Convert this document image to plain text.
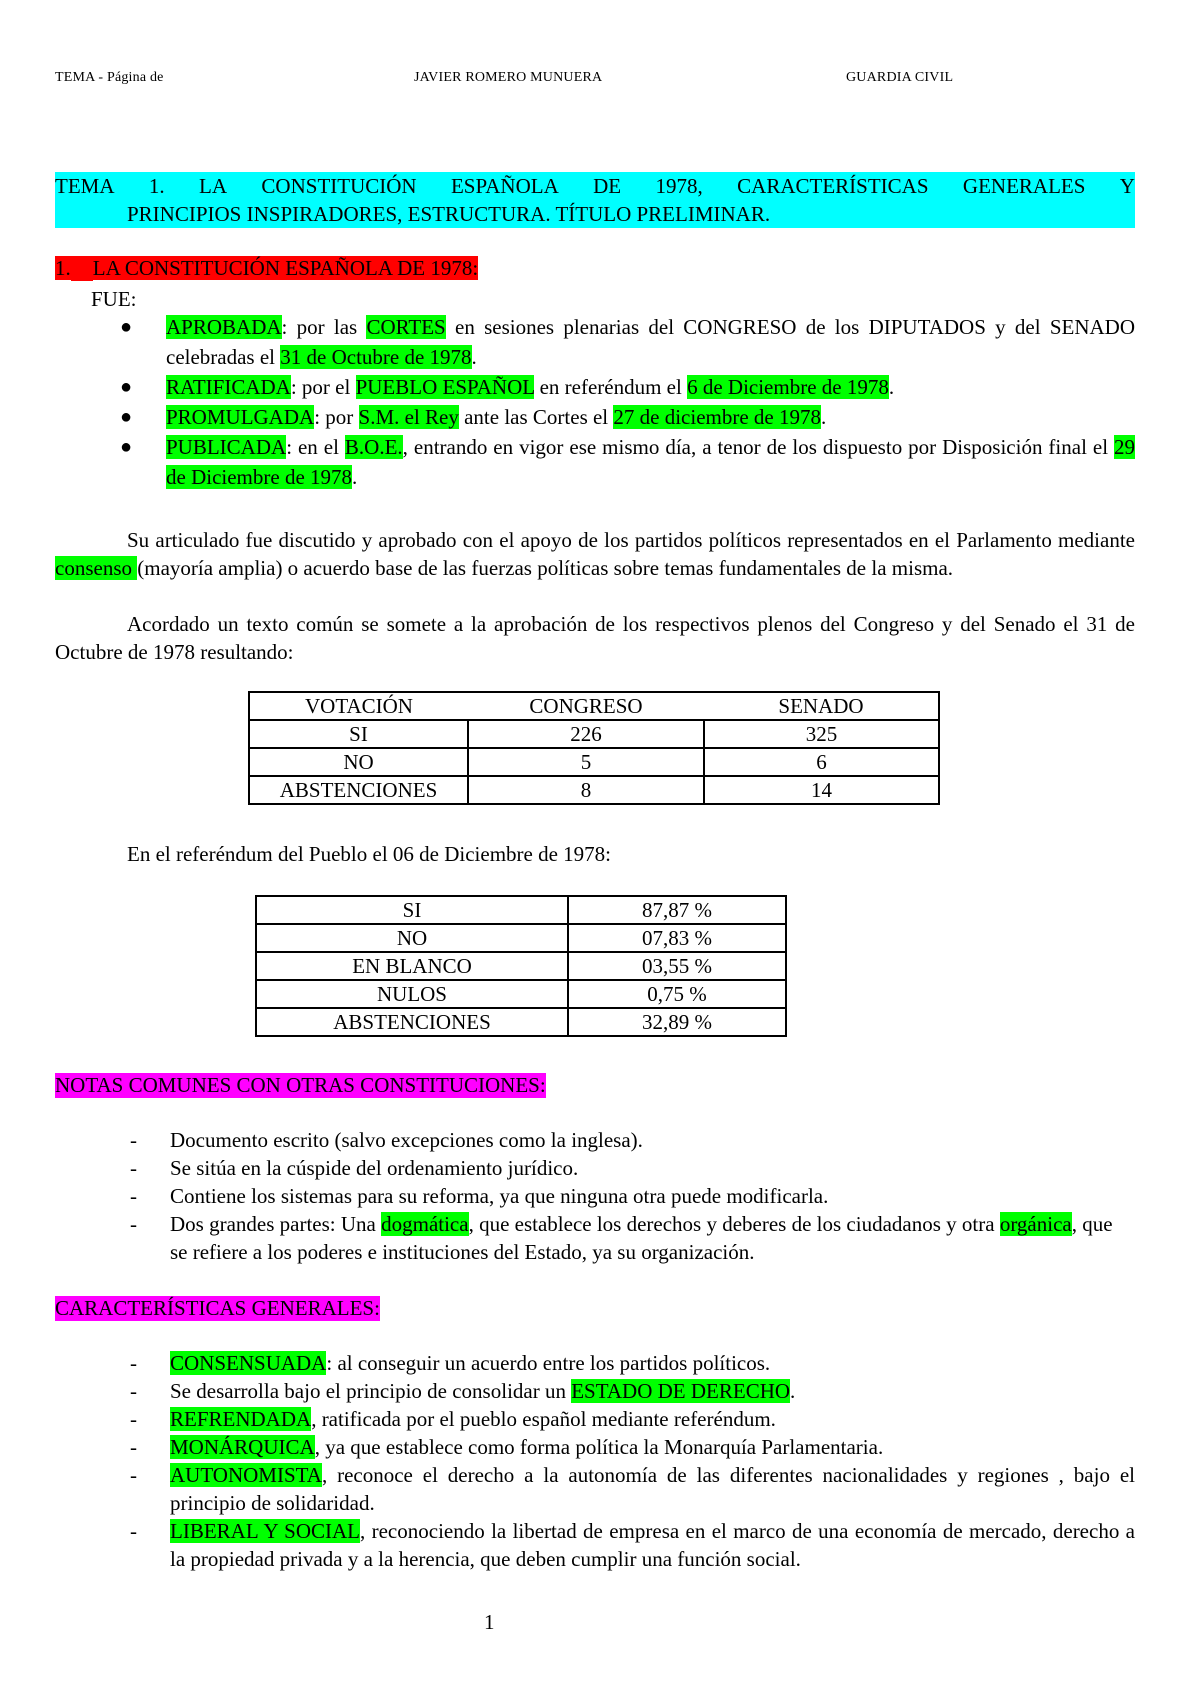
TEMA - Página de	JAVIER ROMERO MUNUERA	GUARDIA CIVIL
TEMA 1. LA CONSTITUCIÓN ESPAÑOLA DE 1978, CARACTERÍSTICAS GENERALES Y
PRINCIPIOS INSPIRADORES, ESTRUCTURA. TÍTULO PRELIMINAR.
1. LA CONSTITUCIÓN ESPAÑOLA DE 1978:
FUE:
● APROBADA: por las CORTES en sesiones plenarias del CONGRESO de los DIPUTADOS y del SENADO celebradas el 31 de Octubre de 1978.
● RATIFICADA: por el PUEBLO ESPAÑOL en referéndum el 6 de Diciembre de 1978.
● PROMULGADA: por S.M. el Rey ante las Cortes el 27 de diciembre de 1978.
● PUBLICADA: en el B.O.E., entrando en vigor ese mismo día, a tenor de los dispuesto por Disposición final el 29 de Diciembre de 1978.
Su articulado fue discutido y aprobado con el apoyo de los partidos políticos representados en el Parlamento mediante consenso (mayoría amplia) o acuerdo base de las fuerzas políticas sobre temas fundamentales de la misma.
Acordado un texto común se somete a la aprobación de los respectivos plenos del Congreso y del Senado el 31 de Octubre de 1978 resultando:
VOTACIÓN	CONGRESO	SENADO
SI	226	325
NO	5	6
ABSTENCIONES	8	14
En el referéndum del Pueblo el 06 de Diciembre de 1978:
SI	87,87 %
NO	07,83 %
EN BLANCO	03,55 %
NULOS	0,75 %
ABSTENCIONES	32,89 %
NOTAS COMUNES CON OTRAS CONSTITUCIONES:
- Documento escrito (salvo excepciones como la inglesa).
- Se sitúa en la cúspide del ordenamiento jurídico.
- Contiene los sistemas para su reforma, ya que ninguna otra puede modificarla.
- Dos grandes partes: Una dogmática, que establece los derechos y deberes de los ciudadanos y otra orgánica, que se refiere a los poderes e instituciones del Estado, ya su organización.
CARACTERÍSTICAS GENERALES:
- CONSENSUADA: al conseguir un acuerdo entre los partidos políticos.
- Se desarrolla bajo el principio de consolidar un ESTADO DE DERECHO.
- REFRENDADA, ratificada por el pueblo español mediante referéndum.
- MONÁRQUICA, ya que establece como forma política la Monarquía Parlamentaria.
- AUTONOMISTA, reconoce el derecho a la autonomía de las diferentes nacionalidades y regiones , bajo el principio de solidaridad.
- LIBERAL Y SOCIAL, reconociendo la libertad de empresa en el marco de una economía de mercado, derecho a la propiedad privada y a la herencia, que deben cumplir una función social.
1
